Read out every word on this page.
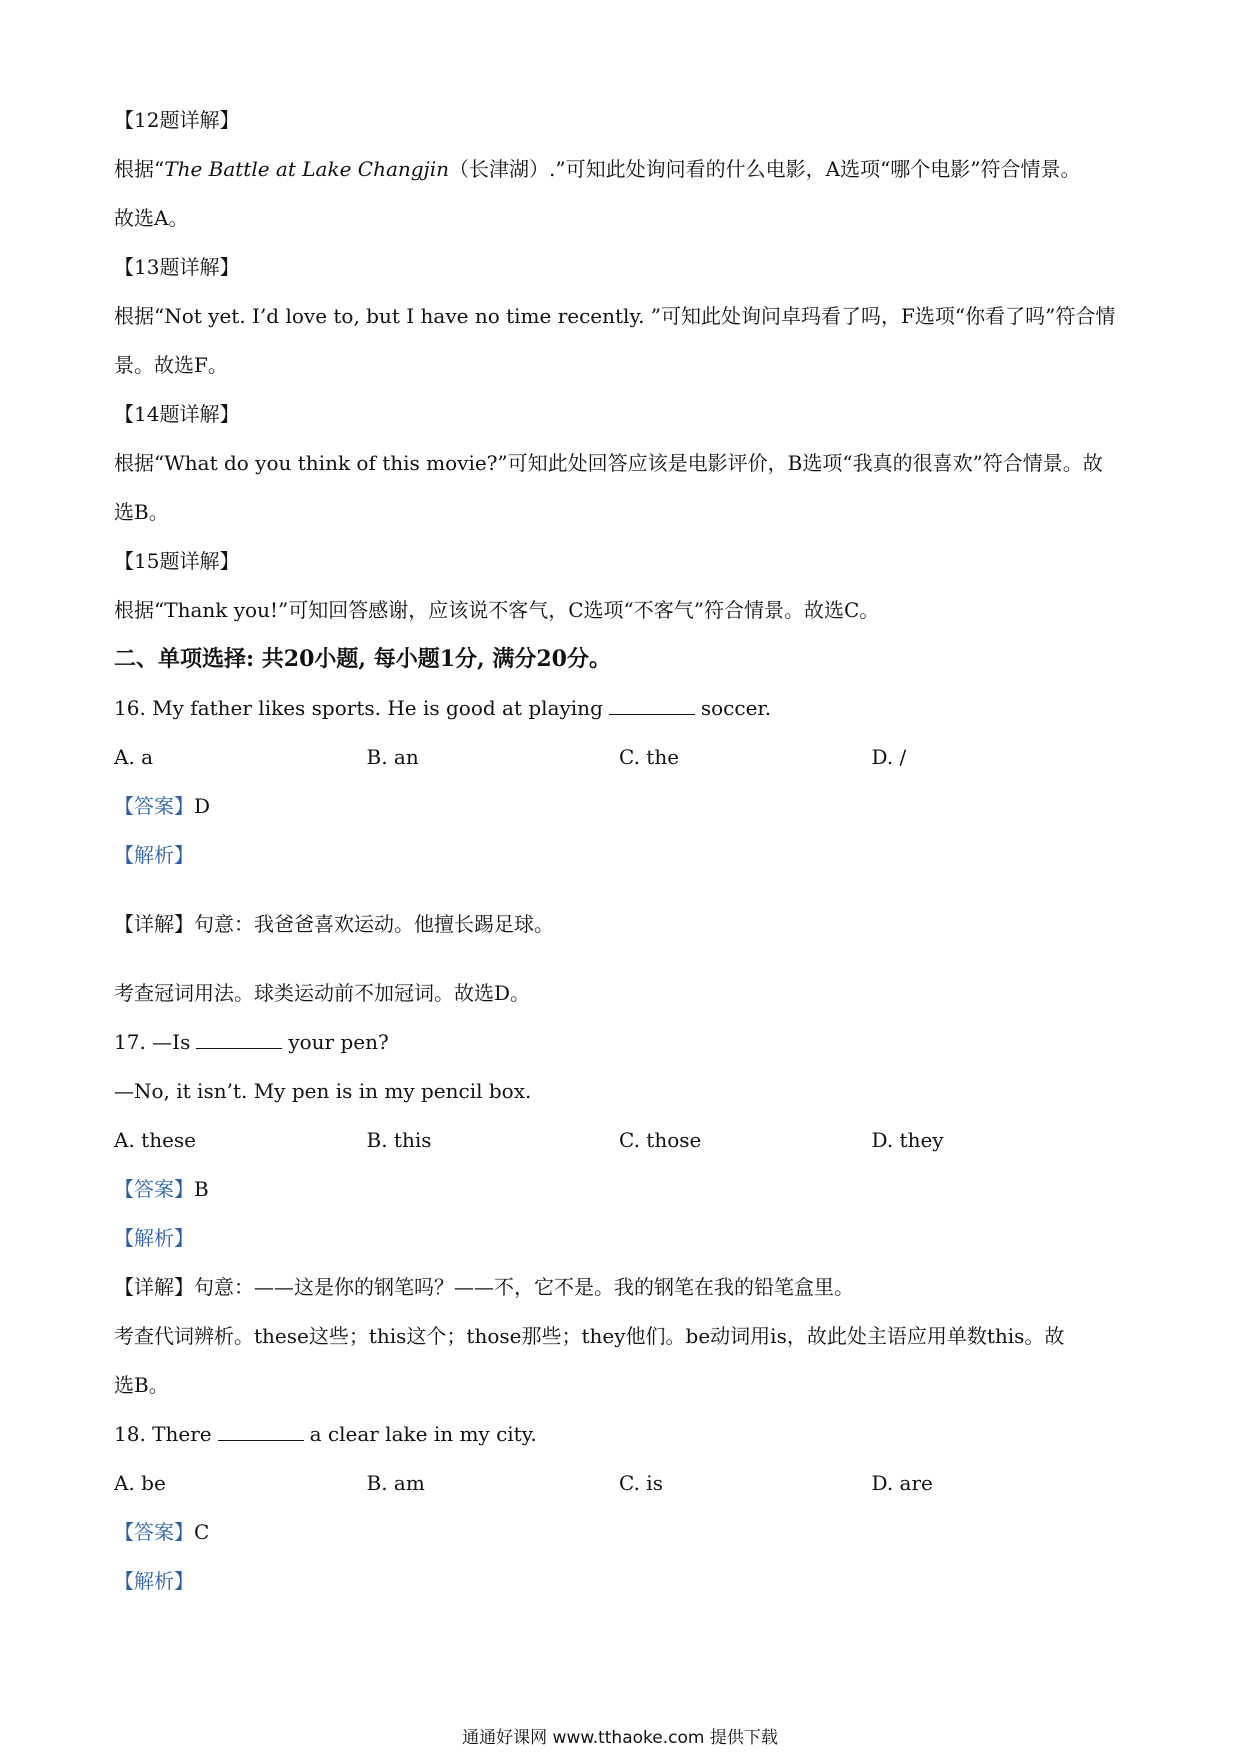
【12题详解】

根据“The Battle at Lake Changjin（长津湖）.”可知此处询问看的什么电影，A选项“哪个电影”符合情景。

故选A。

【13题详解】

根据“Not yet. I’d love to, but I have no time recently. ”可知此处询问卓玛看了吗，F选项“你看了吗”符合情

景。故选F。

【14题详解】

根据“What do you think of this movie?”可知此处回答应该是电影评价，B选项“我真的很喜欢”符合情景。故

选B。

【15题详解】

根据“Thank you!”可知回答感谢，应该说不客气，C选项“不客气”符合情景。故选C。

二、单项选择: 共20小题, 每小题1分, 满分20分。

16. My father likes sports. He is good at playing	soccer.

A. a	B. an	C. the	D. /

【答案】D

【解析】

【详解】句意：我爸爸喜欢运动。他擅长踢足球。

考查冠词用法。球类运动前不加冠词。故选D。

17. —Is	your pen?

—No, it isn’t. My pen is in my pencil box.

A. these	B. this	C. those	D. they

【答案】B

【解析】

【详解】句意：——这是你的钢笔吗？——不，它不是。我的钢笔在我的铅笔盒里。

考查代词辨析。these这些；this这个；those那些；they他们。be动词用is，故此处主语应用单数this。故

选B。

18. There	a clear lake in my city.

A. be	B. am	C. is	D. are

【答案】C

【解析】

通通好课网 www.tthaoke.com 提供下载
